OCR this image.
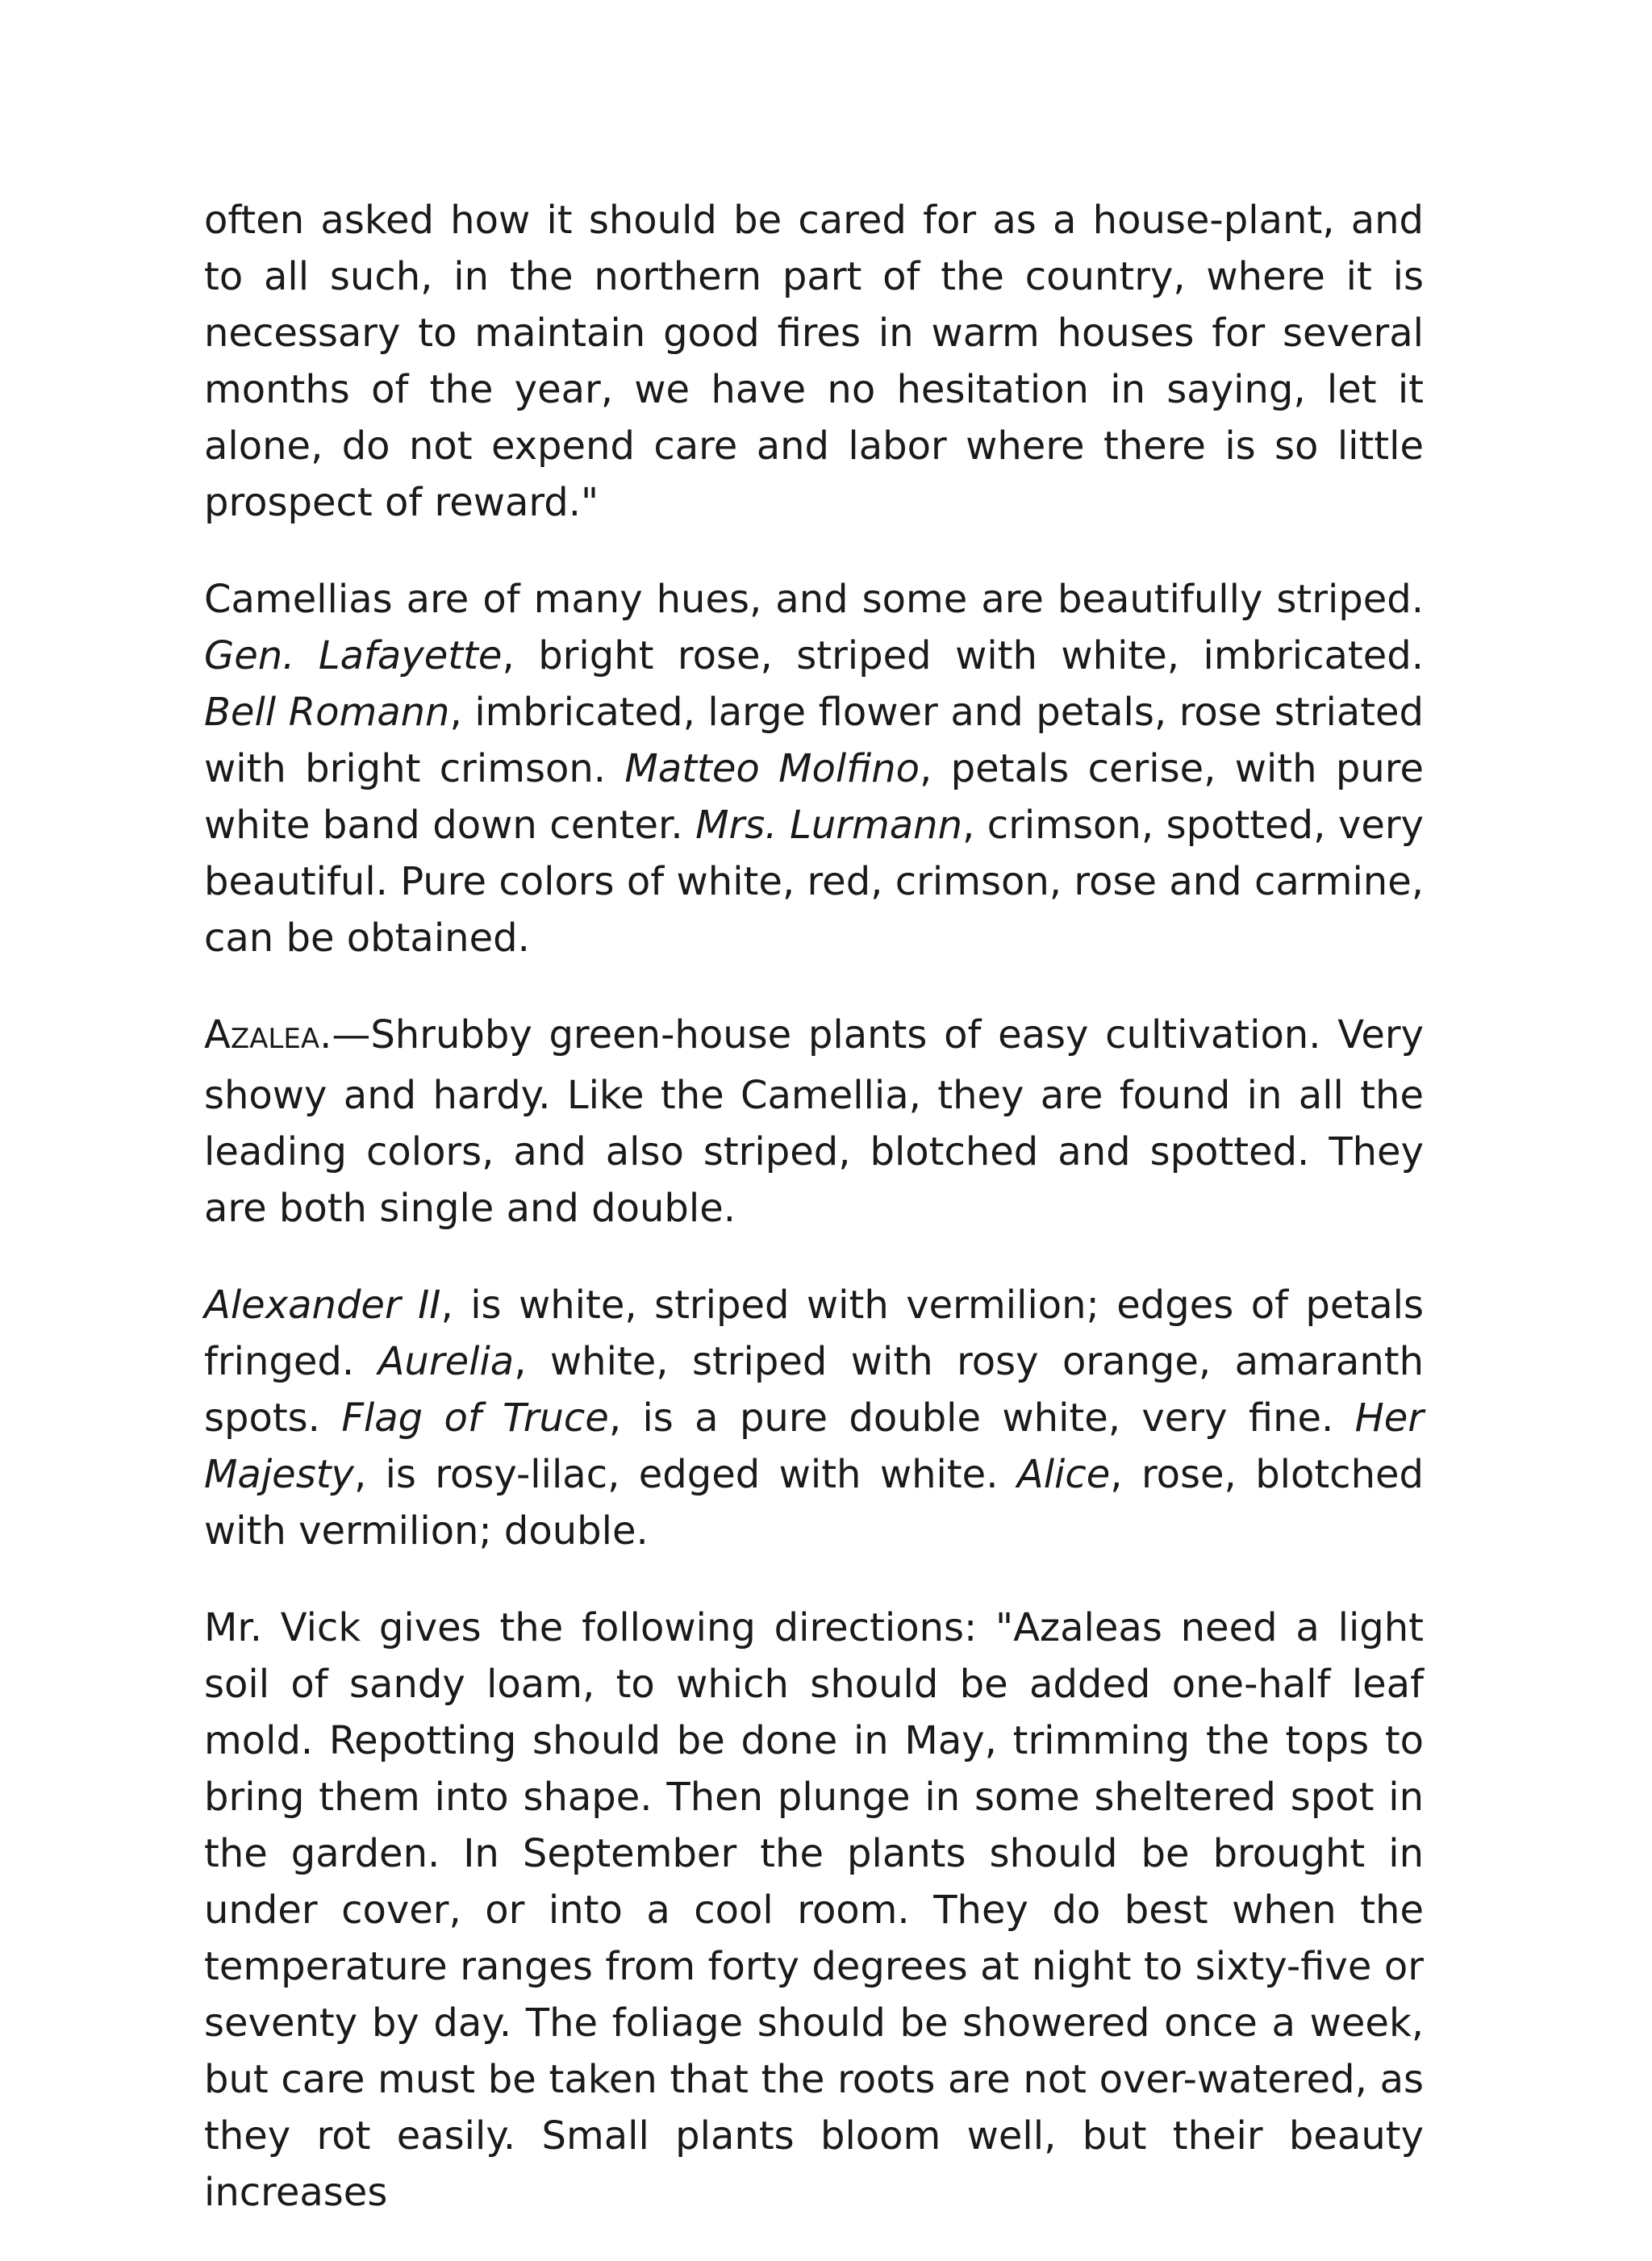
often asked how it should be cared for as a house-plant, and to all such, in the northern part of the country, where it is necessary to maintain good fires in warm houses for several months of the year, we have no hesitation in saying, let it alone, do not expend care and labor where there is so little prospect of reward."

Camellias are of many hues, and some are beautifully striped. Gen. Lafayette, bright rose, striped with white, imbricated. Bell Romann, imbricated, large flower and petals, rose striated with bright crimson. Matteo Molfino, petals cerise, with pure white band down center. Mrs. Lurmann, crimson, spotted, very beautiful. Pure colors of white, red, crimson, rose and carmine, can be obtained.

AZALEA.—Shrubby green-house plants of easy cultivation. Very showy and hardy. Like the Camellia, they are found in all the leading colors, and also striped, blotched and spotted. They are both single and double.

Alexander II, is white, striped with vermilion; edges of petals fringed. Aurelia, white, striped with rosy orange, amaranth spots. Flag of Truce, is a pure double white, very fine. Her Majesty, is rosy-lilac, edged with white. Alice, rose, blotched with vermilion; double.

Mr. Vick gives the following directions: "Azaleas need a light soil of sandy loam, to which should be added one-half leaf mold. Repotting should be done in May, trimming the tops to bring them into shape. Then plunge in some sheltered spot in the garden. In September the plants should be brought in under cover, or into a cool room. They do best when the temperature ranges from forty degrees at night to sixty-five or seventy by day. The foliage should be showered once a week, but care must be taken that the roots are not over-watered, as they rot easily. Small plants bloom well, but their beauty increases
